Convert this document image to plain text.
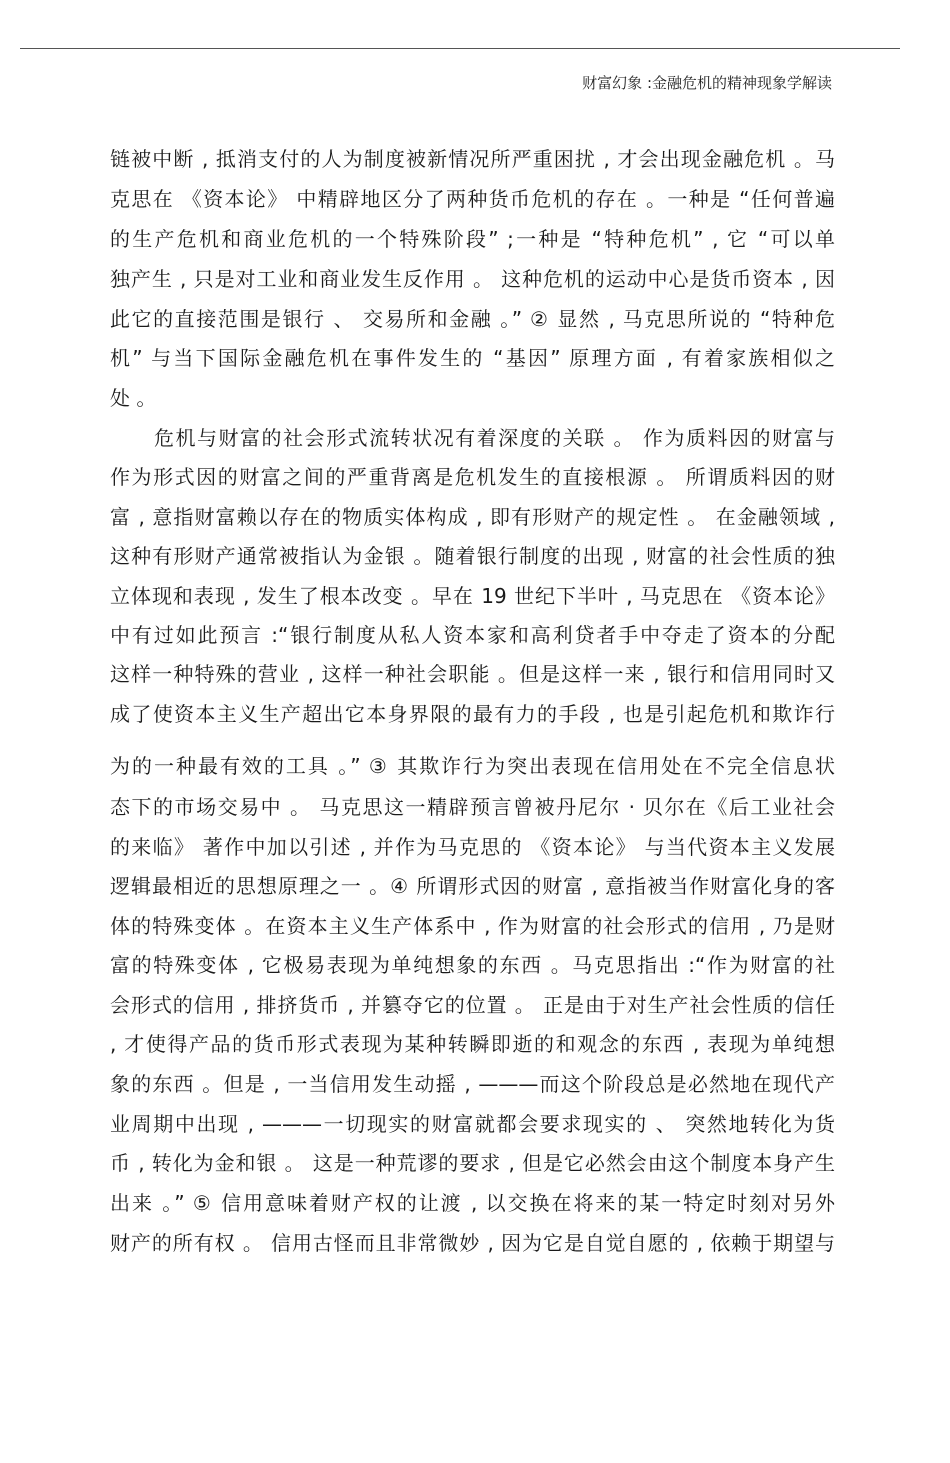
财富幻象 :金融危机的精神现象学解读
链被中断 , 抵消支付的人为制度被新情况所严重困扰 , 才会出现金融危机 。马
克思在 《资本论》 中精辟地区分了两种货币危机的存在 。一种是 “任何普遍
的生产危机和商业危机的一个特殊阶段” ;一种是 “特种危机” , 它 “可以单
独产生 , 只是对工业和商业发生反作用 。 这种危机的运动中心是货币资本 , 因
此它的直接范围是银行 、 交易所和金融 。” ② 显然 , 马克思所说的 “特种危
机” 与当下国际金融危机在事件发生的 “基因” 原理方面 , 有着家族相似之
处 。
危机与财富的社会形式流转状况有着深度的关联 。 作为质料因的财富与
作为形式因的财富之间的严重背离是危机发生的直接根源 。 所谓质料因的财
富 , 意指财富赖以存在的物质实体构成 , 即有形财产的规定性 。 在金融领域 ,
这种有形财产通常被指认为金银 。随着银行制度的出现 , 财富的社会性质的独
立体现和表现 , 发生了根本改变 。早在 19 世纪下半叶 , 马克思在 《资本论》
中有过如此预言 :“银行制度从私人资本家和高利贷者手中夺走了资本的分配
这样一种特殊的营业 , 这样一种社会职能 。但是这样一来 , 银行和信用同时又
成了使资本主义生产超出它本身界限的最有力的手段 , 也是引起危机和欺诈行
为的一种最有效的工具 。” ③ 其欺诈行为突出表现在信用处在不完全信息状
态下的市场交易中 。 马克思这一精辟预言曾被丹尼尔 · 贝尔在《后工业社会
的来临》 著作中加以引述 , 并作为马克思的 《资本论》 与当代资本主义发展
逻辑最相近的思想原理之一 。④ 所谓形式因的财富 , 意指被当作财富化身的客
体的特殊变体 。在资本主义生产体系中 , 作为财富的社会形式的信用 , 乃是财
富的特殊变体 , 它极易表现为单纯想象的东西 。马克思指出 :“作为财富的社
会形式的信用 , 排挤货币 , 并篡夺它的位置 。 正是由于对生产社会性质的信任
, 才使得产品的货币形式表现为某种转瞬即逝的和观念的东西 , 表现为单纯想
象的东西 。但是 , 一当信用发生动摇 , ———而这个阶段总是必然地在现代产
业周期中出现 , ———一切现实的财富就都会要求现实的 、 突然地转化为货
币 , 转化为金和银 。 这是一种荒谬的要求 , 但是它必然会由这个制度本身产生
出来 。” ⑤ 信用意味着财产权的让渡 , 以交换在将来的某一特定时刻对另外
财产的所有权 。 信用古怪而且非常微妙 , 因为它是自觉自愿的 , 依赖于期望与
